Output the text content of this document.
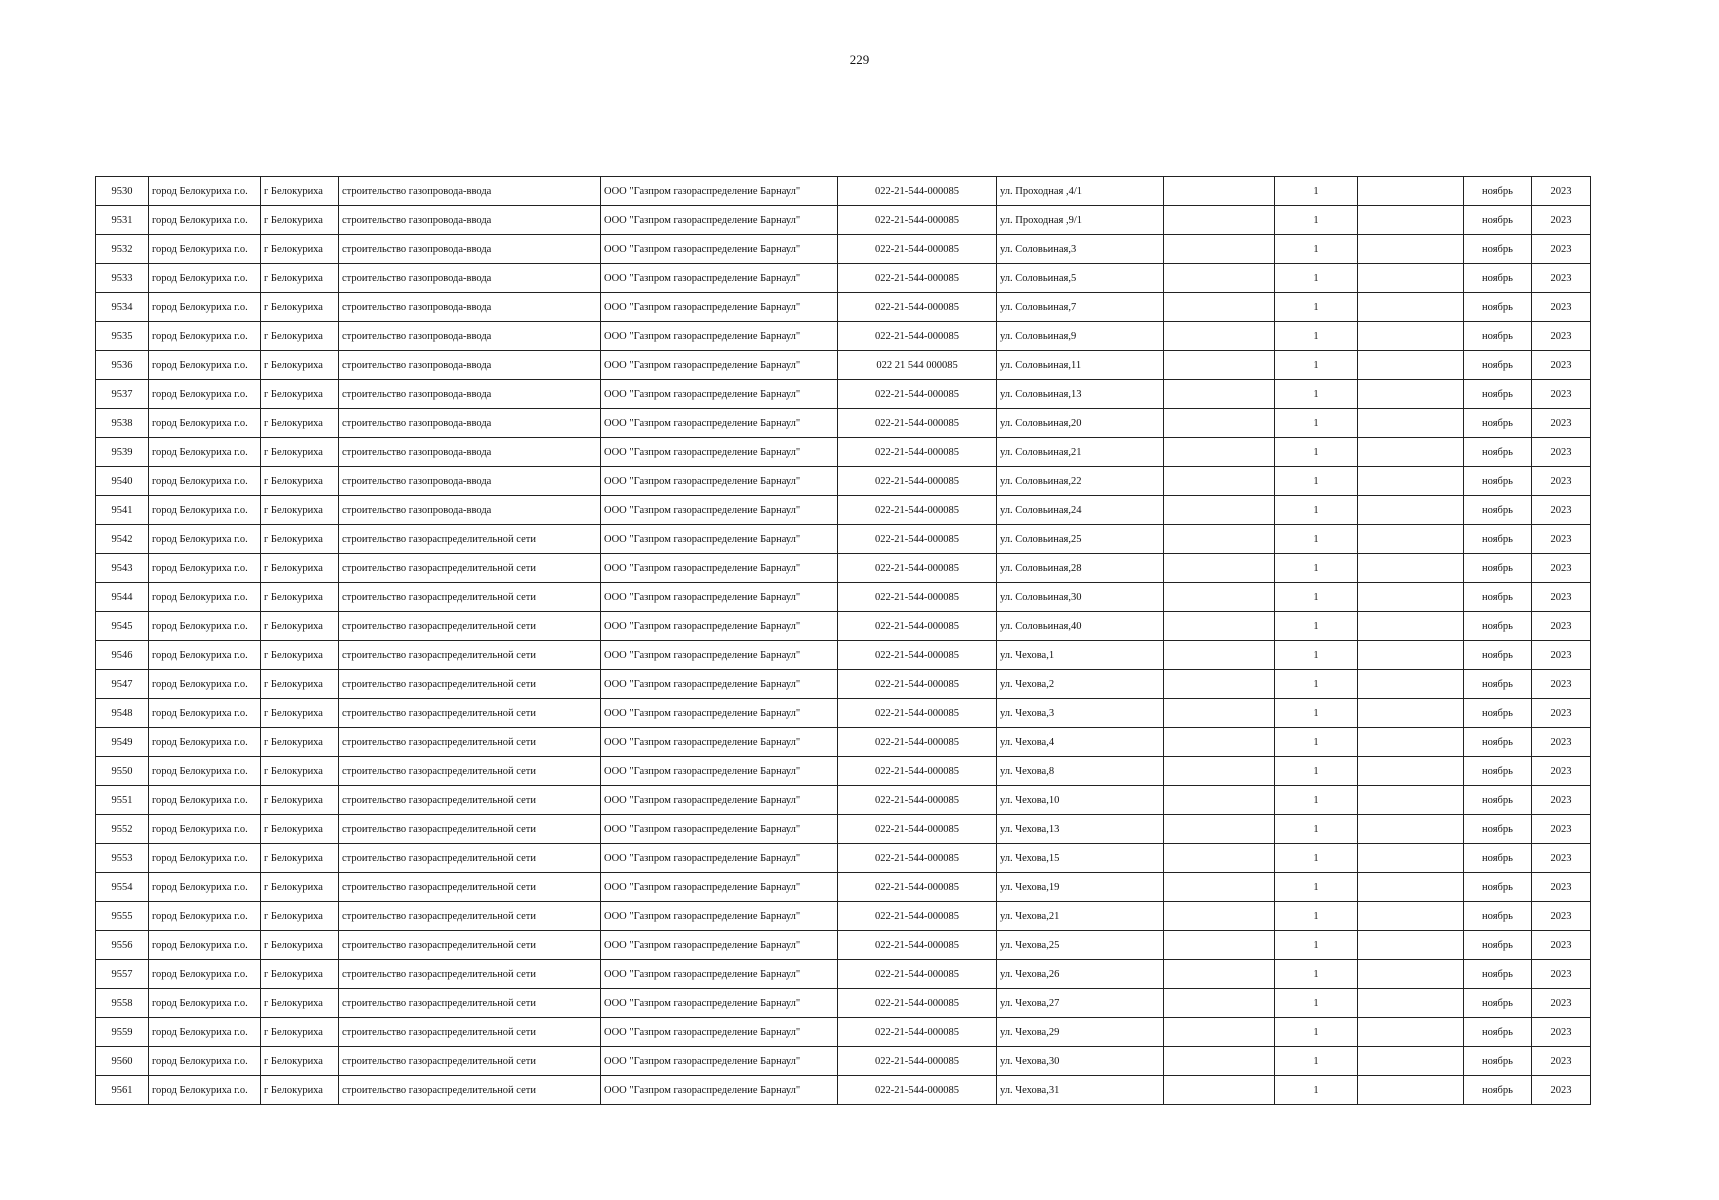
229
9530	город Белокуриха г.о.	г Белокуриха	строительство газопровода-ввода	ООО "Газпром газораспределение Барнаул"	022-21-544-000085	ул. Проходная ,4/1		1		ноябрь	2023
9531	город Белокуриха г.о.	г Белокуриха	строительство газопровода-ввода	ООО "Газпром газораспределение Барнаул"	022-21-544-000085	ул. Проходная ,9/1		1		ноябрь	2023
9532	город Белокуриха г.о.	г Белокуриха	строительство газопровода-ввода	ООО "Газпром газораспределение Барнаул"	022-21-544-000085	ул. Соловьиная,3		1		ноябрь	2023
9533	город Белокуриха г.о.	г Белокуриха	строительство газопровода-ввода	ООО "Газпром газораспределение Барнаул"	022-21-544-000085	ул. Соловьиная,5		1		ноябрь	2023
9534	город Белокуриха г.о.	г Белокуриха	строительство газопровода-ввода	ООО "Газпром газораспределение Барнаул"	022-21-544-000085	ул. Соловьиная,7		1		ноябрь	2023
9535	город Белокуриха г.о.	г Белокуриха	строительство газопровода-ввода	ООО "Газпром газораспределение Барнаул"	022-21-544-000085	ул. Соловьиная,9		1		ноябрь	2023
9536	город Белокуриха г.о.	г Белокуриха	строительство газопровода-ввода	ООО "Газпром газораспределение Барнаул"	022 21 544 000085	ул. Соловьиная,11		1		ноябрь	2023
9537	город Белокуриха г.о.	г Белокуриха	строительство газопровода-ввода	ООО "Газпром газораспределение Барнаул"	022-21-544-000085	ул. Соловьиная,13		1		ноябрь	2023
9538	город Белокуриха г.о.	г Белокуриха	строительство газопровода-ввода	ООО "Газпром газораспределение Барнаул"	022-21-544-000085	ул. Соловьиная,20		1		ноябрь	2023
9539	город Белокуриха г.о.	г Белокуриха	строительство газопровода-ввода	ООО "Газпром газораспределение Барнаул"	022-21-544-000085	ул. Соловьиная,21		1		ноябрь	2023
9540	город Белокуриха г.о.	г Белокуриха	строительство газопровода-ввода	ООО "Газпром газораспределение Барнаул"	022-21-544-000085	ул. Соловьиная,22		1		ноябрь	2023
9541	город Белокуриха г.о.	г Белокуриха	строительство газопровода-ввода	ООО "Газпром газораспределение Барнаул"	022-21-544-000085	ул. Соловьиная,24		1		ноябрь	2023
9542	город Белокуриха г.о.	г Белокуриха	строительство газораспределительной сети	ООО "Газпром газораспределение Барнаул"	022-21-544-000085	ул. Соловьиная,25		1		ноябрь	2023
9543	город Белокуриха г.о.	г Белокуриха	строительство газораспределительной сети	ООО "Газпром газораспределение Барнаул"	022-21-544-000085	ул. Соловьиная,28		1		ноябрь	2023
9544	город Белокуриха г.о.	г Белокуриха	строительство газораспределительной сети	ООО "Газпром газораспределение Барнаул"	022-21-544-000085	ул. Соловьиная,30		1		ноябрь	2023
9545	город Белокуриха г.о.	г Белокуриха	строительство газораспределительной сети	ООО "Газпром газораспределение Барнаул"	022-21-544-000085	ул. Соловьиная,40		1		ноябрь	2023
9546	город Белокуриха г.о.	г Белокуриха	строительство газораспределительной сети	ООО "Газпром газораспределение Барнаул"	022-21-544-000085	ул. Чехова,1		1		ноябрь	2023
9547	город Белокуриха г.о.	г Белокуриха	строительство газораспределительной сети	ООО "Газпром газораспределение Барнаул"	022-21-544-000085	ул. Чехова,2		1		ноябрь	2023
9548	город Белокуриха г.о.	г Белокуриха	строительство газораспределительной сети	ООО "Газпром газораспределение Барнаул"	022-21-544-000085	ул. Чехова,3		1		ноябрь	2023
9549	город Белокуриха г.о.	г Белокуриха	строительство газораспределительной сети	ООО "Газпром газораспределение Барнаул"	022-21-544-000085	ул. Чехова,4		1		ноябрь	2023
9550	город Белокуриха г.о.	г Белокуриха	строительство газораспределительной сети	ООО "Газпром газораспределение Барнаул"	022-21-544-000085	ул. Чехова,8		1		ноябрь	2023
9551	город Белокуриха г.о.	г Белокуриха	строительство газораспределительной сети	ООО "Газпром газораспределение Барнаул"	022-21-544-000085	ул. Чехова,10		1		ноябрь	2023
9552	город Белокуриха г.о.	г Белокуриха	строительство газораспределительной сети	ООО "Газпром газораспределение Барнаул"	022-21-544-000085	ул. Чехова,13		1		ноябрь	2023
9553	город Белокуриха г.о.	г Белокуриха	строительство газораспределительной сети	ООО "Газпром газораспределение Барнаул"	022-21-544-000085	ул. Чехова,15		1		ноябрь	2023
9554	город Белокуриха г.о.	г Белокуриха	строительство газораспределительной сети	ООО "Газпром газораспределение Барнаул"	022-21-544-000085	ул. Чехова,19		1		ноябрь	2023
9555	город Белокуриха г.о.	г Белокуриха	строительство газораспределительной сети	ООО "Газпром газораспределение Барнаул"	022-21-544-000085	ул. Чехова,21		1		ноябрь	2023
9556	город Белокуриха г.о.	г Белокуриха	строительство газораспределительной сети	ООО "Газпром газораспределение Барнаул"	022-21-544-000085	ул. Чехова,25		1		ноябрь	2023
9557	город Белокуриха г.о.	г Белокуриха	строительство газораспределительной сети	ООО "Газпром газораспределение Барнаул"	022-21-544-000085	ул. Чехова,26		1		ноябрь	2023
9558	город Белокуриха г.о.	г Белокуриха	строительство газораспределительной сети	ООО "Газпром газораспределение Барнаул"	022-21-544-000085	ул. Чехова,27		1		ноябрь	2023
9559	город Белокуриха г.о.	г Белокуриха	строительство газораспределительной сети	ООО "Газпром газораспределение Барнаул"	022-21-544-000085	ул. Чехова,29		1		ноябрь	2023
9560	город Белокуриха г.о.	г Белокуриха	строительство газораспределительной сети	ООО "Газпром газораспределение Барнаул"	022-21-544-000085	ул. Чехова,30		1		ноябрь	2023
9561	город Белокуриха г.о.	г Белокуриха	строительство газораспределительной сети	ООО "Газпром газораспределение Барнаул"	022-21-544-000085	ул. Чехова,31		1		ноябрь	2023
